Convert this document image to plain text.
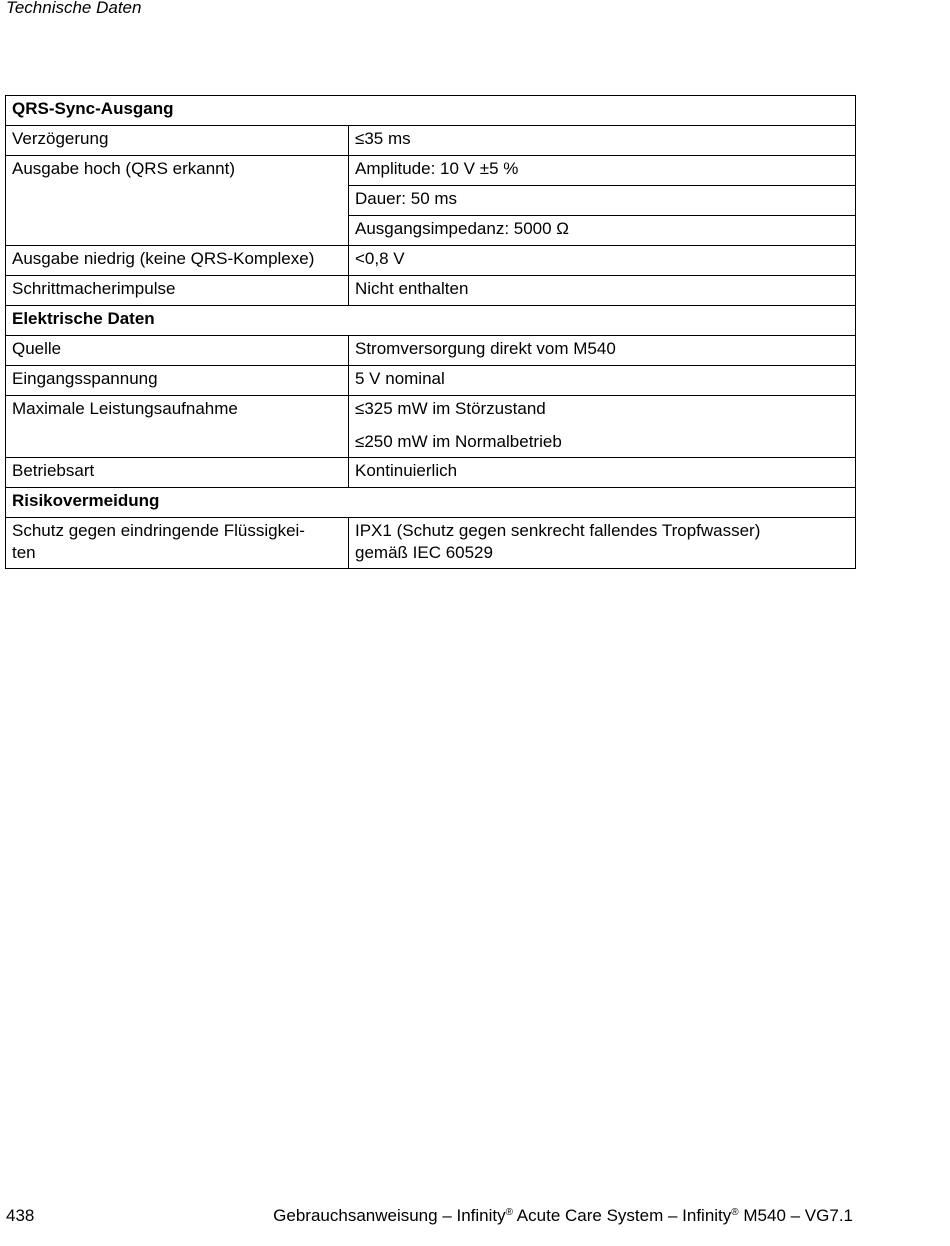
Technische Daten
QRS-Sync-Ausgang	
Verzögerung	≤35 ms
Ausgabe hoch (QRS erkannt)	Amplitude: 10 V ±5 %
	Dauer: 50 ms
	Ausgangsimpedanz: 5000 Ω
Ausgabe niedrig (keine QRS-Komplexe)	<0,8 V
Schrittmacherimpulse	Nicht enthalten
Elektrische Daten	
Quelle	Stromversorgung direkt vom M540
Eingangsspannung	5 V nominal
Maximale Leistungsaufnahme	≤325 mW im Störzustand
≤250 mW im Normalbetrieb

Betriebsart	Kontinuierlich
Risikovermeidung	

Schutz gegen eindringende Flüssigkei-
ten	IPX1 (Schutz gegen senkrecht fallendes Tropfwasser)
gemäß IEC 60529
438	Gebrauchsanweisung – Infinity® Acute Care System – Infinity® M540 – VG7.1
